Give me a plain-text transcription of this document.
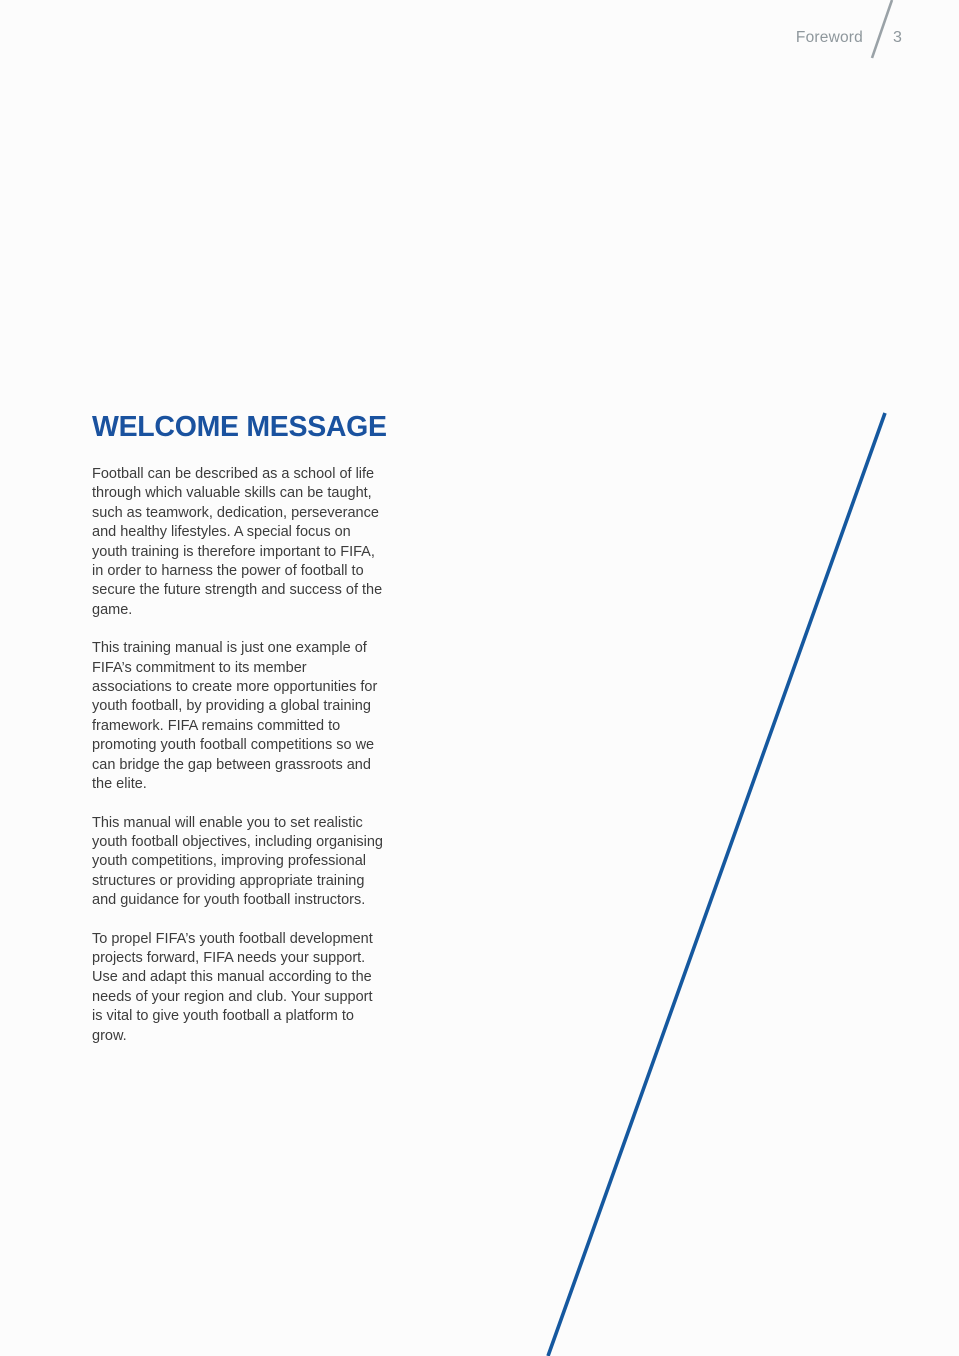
Foreword 3
WELCOME MESSAGE

Football can be described as a school of life through which valuable skills can be taught, such as teamwork, dedication, perseverance and healthy lifestyles. A special focus on youth training is therefore important to FIFA, in order to harness the power of football to secure the future strength and success of the game.

This training manual is just one example of FIFA’s commitment to its member associations to create more opportunities for youth football, by providing a global training framework. FIFA remains committed to promoting youth football competitions so we can bridge the gap between grassroots and the elite.

This manual will enable you to set realistic youth football objectives, including organising youth competitions, improving professional structures or providing appropriate training and guidance for youth football instructors.

To propel FIFA’s youth football development projects forward, FIFA needs your support. Use and adapt this manual according to the needs of your region and club. Your support is vital to give youth football a platform to grow.
